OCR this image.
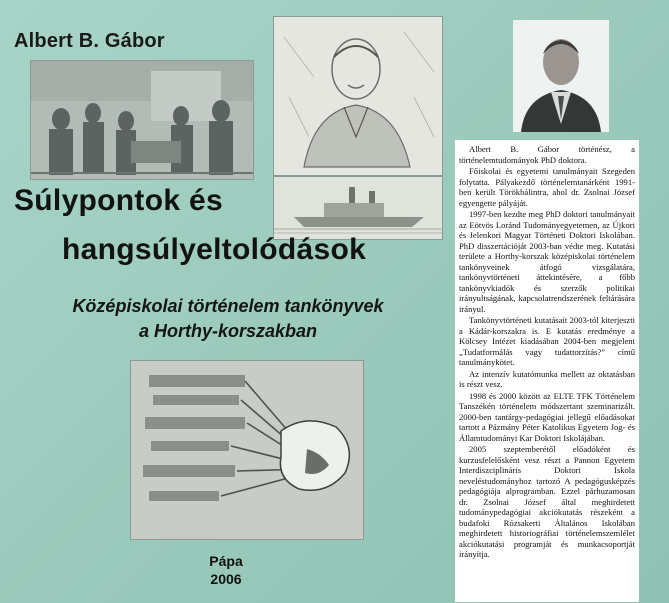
Albert B. Gábor
Súlypontok és
hangsúlyeltolódások
Középiskolai történelem tankönyvek
a Horthy-korszakban
Pápa
2006

Albert B. Gábor történész, a történelemtudományok PhD doktora.

Főiskolai és egyetemi tanulmányait Szegeden folytatta. Pályakezdő történelemtanárként 1991-ben került Törökbálintra, ahol dr. Zsolnai József egyengette pályáját.

1997-ben kezdte meg PhD doktori tanulmányait az Eötvös Loránd Tudományegyetemen, az Újkori és Jelenkori Magyar Történeti Doktori Iskolában. PhD disszertációját 2003-ban védte meg. Kutatási területe a Horthy-korszak középiskolai történelem tankönyveinek átfogó vizsgálatára, tankönyvtörténeti áttekintésére, a főbb tankönyvkiadók és szerzők politikai irányultságának, kapcsolatrendszerének feltárására irányul.

Tankönyvtörténeti kutatásait 2003-tól kiterjeszti a Kádár-korszakra is. E kutatás eredménye a Kölcsey Intézet kiadásában 2004-ben megjelent „Tudatformálás vagy tudattorzítás?” című tanulmánykötet.

Az intenzív kutatómunka mellett az oktatásban is részt vesz.

1998 és 2000 között az ELTE TFK Történelem Tanszékén történelem módszertant szeminarizált. 2000-ben tantárgy-pedagógiai jellegű előadásokat tartott a Pázmány Péter Katolikus Egyetem Jog- és Államtudományi Kar Doktori Iskolájában.

2005 szeptemberétől előadóként és kurzusfelelősként vesz részt a Pannon Egyetem Interdiszciplináris Doktori Iskola neveléstudományhoz tartozó A pedagógusképzés pedagógiája alprogramban. Ezzel párhuzamosan dr. Zsolnai József által meghirdetett tudománypedagógiai akciókutatás részeként a budafoki Rózsakerti Általános Iskolában meghirdetett historiográfiai történelemszemlélet akciókutatási programját és munkacsoportját irányítja.
